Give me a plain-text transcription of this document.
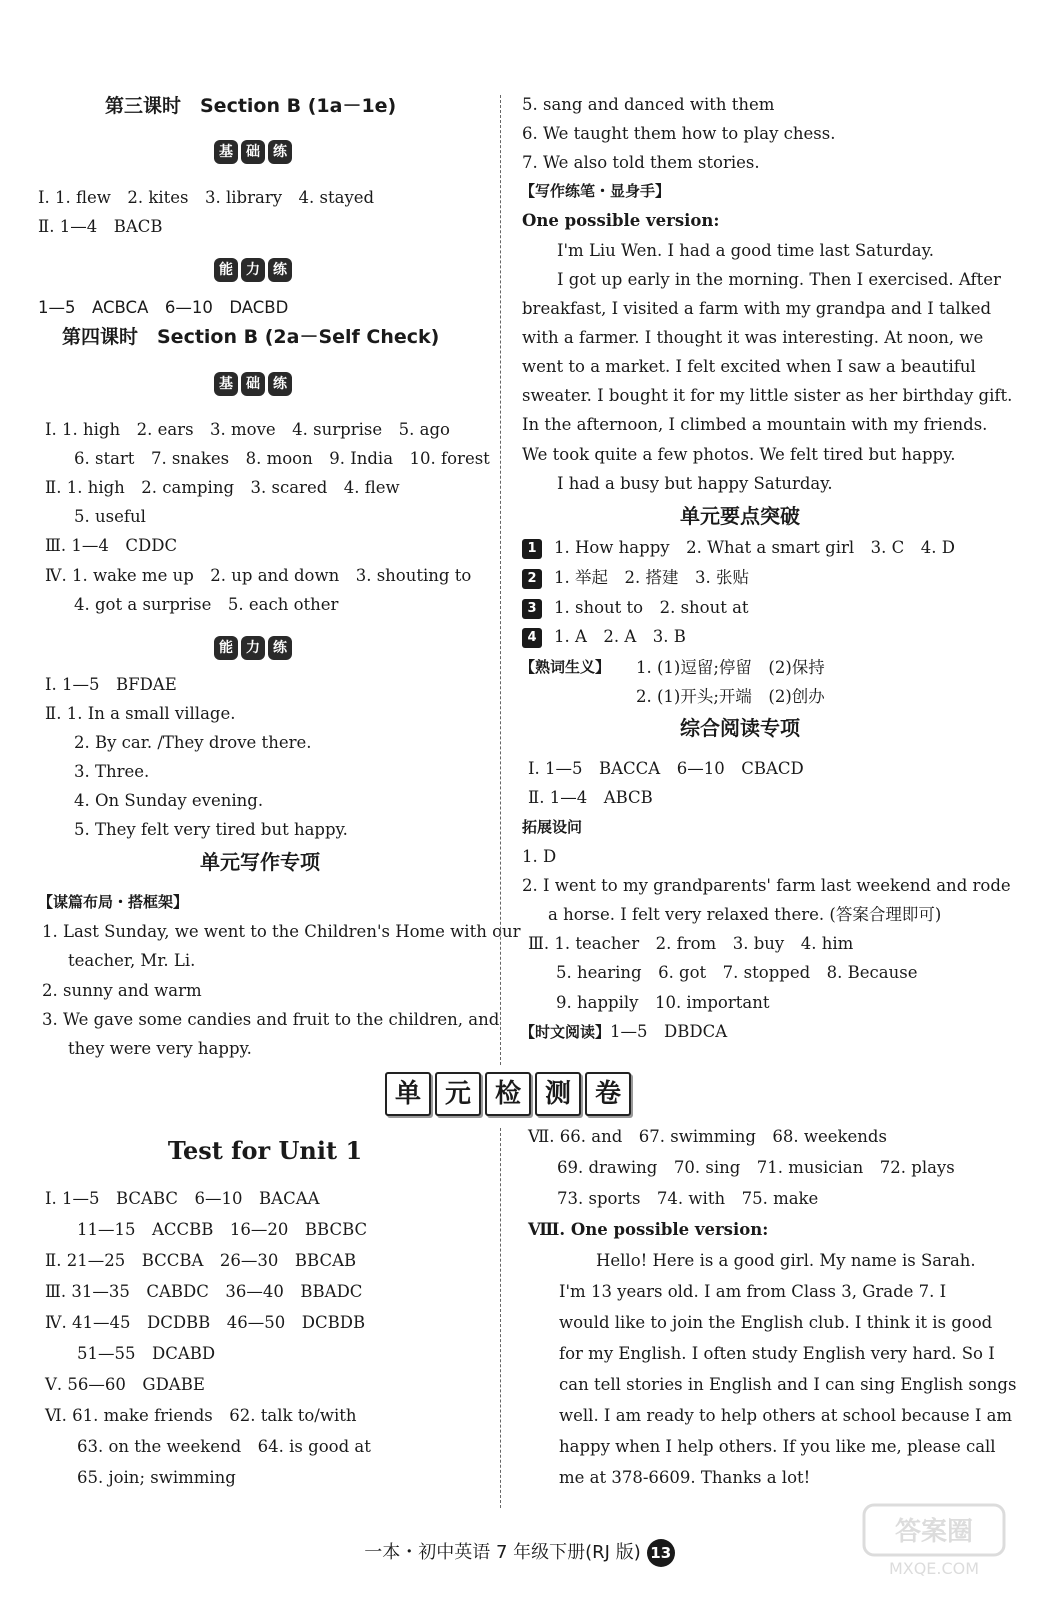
第三课时　Section B (1a－1e)
基 础 练
Ⅰ. 1. flew　2. kites　3. library　4. stayed
Ⅱ. 1—4　BACB
能 力 练
1—5　ACBCA　6—10　DACBD
第四课时　Section B (2a－Self Check)
基 础 练
Ⅰ. 1. high　2. ears　3. move　4. surprise　5. ago
6. start　7. snakes　8. moon　9. India　10. forest
Ⅱ. 1. high　2. camping　3. scared　4. flew
5. useful
Ⅲ. 1—4　CDDC
Ⅳ. 1. wake me up　2. up and down　3. shouting to
4. got a surprise　5. each other
能 力 练
Ⅰ. 1—5　BFDAE
Ⅱ. 1. In a small village.
2. By car. /They drove there.
3. Three.
4. On Sunday evening.
5. They felt very tired but happy.
单元写作专项
【谋篇布局・搭框架】
1. Last Sunday, we went to the Children's Home with our
teacher, Mr. Li.
2. sunny and warm
3. We gave some candies and fruit to the children, and
they were very happy.
5. sang and danced with them
6. We taught them how to play chess.
7. We also told them stories.
【写作练笔・显身手】
One possible version:
I'm Liu Wen. I had a good time last Saturday.
I got up early in the morning. Then I exercised. After
breakfast, I visited a farm with my grandpa and I talked
with a farmer. I thought it was interesting. At noon, we
went to a market. I felt excited when I saw a beautiful
sweater. I bought it for my little sister as her birthday gift.
In the afternoon, I climbed a mountain with my friends.
We took quite a few photos. We felt tired but happy.
I had a busy but happy Saturday.
单元要点突破
1 1. How happy　2. What a smart girl　3. C　4. D
2 1. 举起　2. 搭建　3. 张贴
3 1. shout to　2. shout at
4 1. A　2. A　3. B
【熟词生义】 1. (1)逗留;停留　(2)保持
2. (1)开头;开端　(2)创办
综合阅读专项
Ⅰ. 1—5　BACCA　6—10　CBACD
Ⅱ. 1—4　ABCB
拓展设问
1. D
2. I went to my grandparents' farm last weekend and rode
a horse. I felt very relaxed there. (答案合理即可)
Ⅲ. 1. teacher　2. from　3. buy　4. him
5. hearing　6. got　7. stopped　8. Because
9. happily　10. important
【时文阅读】1—5　DBDCA
单 元 检 测 卷
Test for Unit 1
Ⅰ. 1—5　BCABC　6—10　BACAA
11—15　ACCBB　16—20　BBCBC
Ⅱ. 21—25　BCCBA　26—30　BBCAB
Ⅲ. 31—35　CABDC　36—40　BBADC
Ⅳ. 41—45　DCDBB　46—50　DCBDB
51—55　DCABD
Ⅴ. 56—60　GDABE
Ⅵ. 61. make friends　62. talk to/with
63. on the weekend　64. is good at
65. join; swimming
Ⅶ. 66. and　67. swimming　68. weekends
69. drawing　70. sing　71. musician　72. plays
73. sports　74. with　75. make
Ⅷ. One possible version:
Hello! Here is a good girl. My name is Sarah.
I'm 13 years old. I am from Class 3, Grade 7. I
would like to join the English club. I think it is good
for my English. I often study English very hard. So I
can tell stories in English and I can sing English songs
well. I am ready to help others at school because I am
happy when I help others. If you like me, please call
me at 378-6609. Thanks a lot!
一本・初中英语 7 年级下册(RJ 版) 13
答案圈
MXQE.COM
